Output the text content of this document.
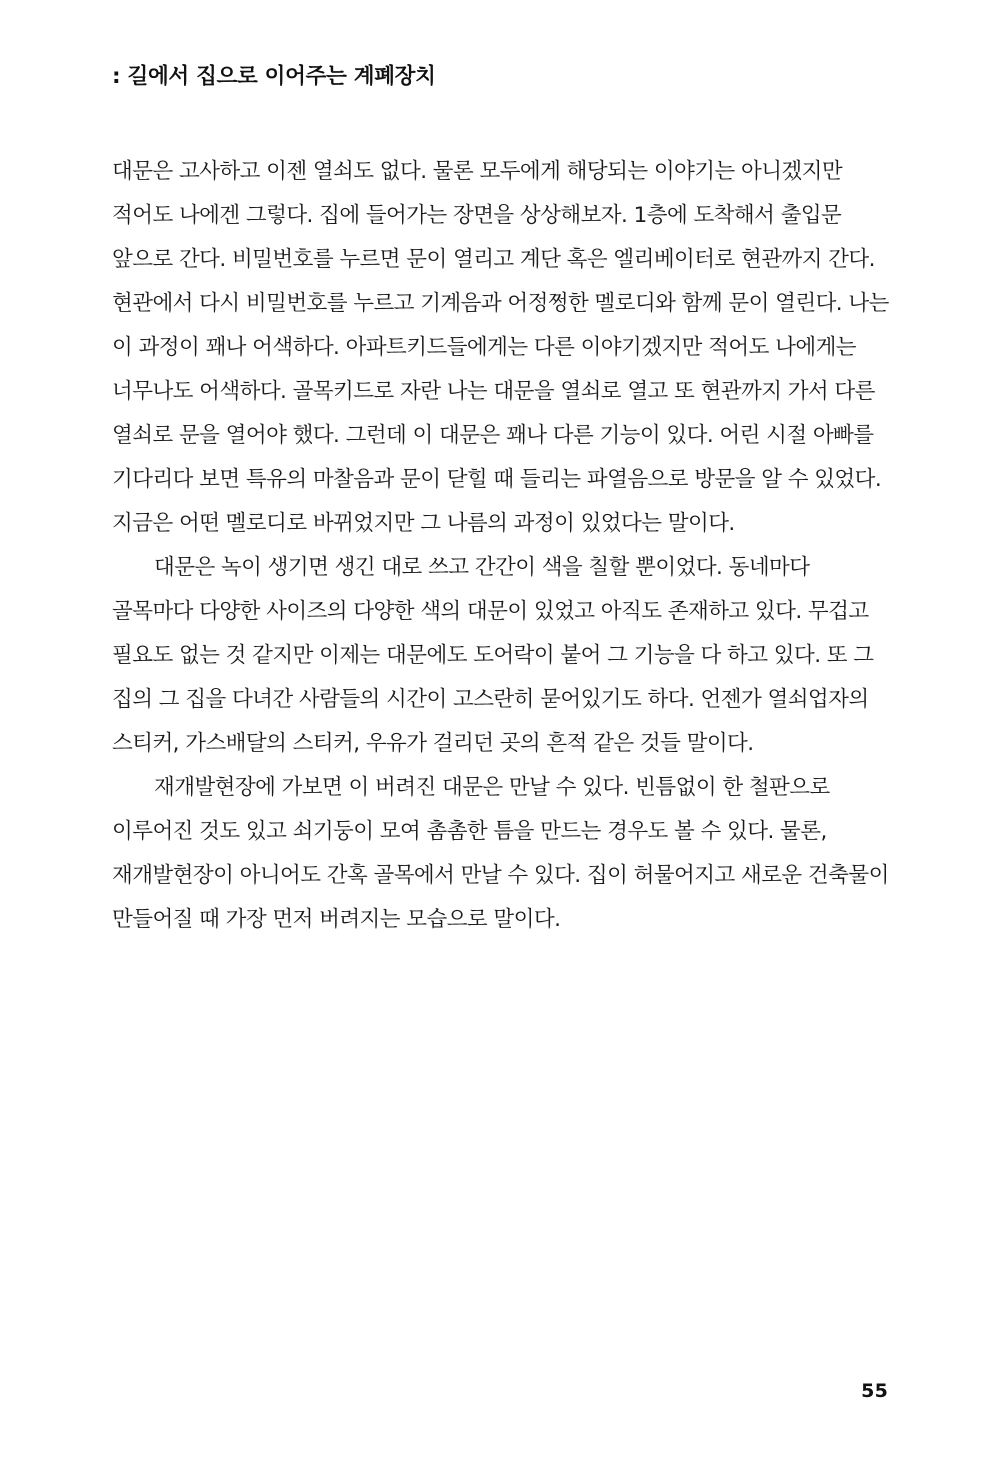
: 길에서 집으로 이어주는 계폐장치

대문은 고사하고 이젠 열쇠도 없다. 물론 모두에게 해당되는 이야기는 아니겠지만 적어도 나에겐 그렇다. 집에 들어가는 장면을 상상해보자. 1층에 도착해서 출입문 앞으로 간다. 비밀번호를 누르면 문이 열리고 계단 혹은 엘리베이터로 현관까지 간다. 현관에서 다시 비밀번호를 누르고 기계음과 어정쩡한 멜로디와 함께 문이 열린다. 나는 이 과정이 꽤나 어색하다. 아파트키드들에게는 다른 이야기겠지만 적어도 나에게는 너무나도 어색하다. 골목키드로 자란 나는 대문을 열쇠로 열고 또 현관까지 가서 다른 열쇠로 문을 열어야 했다. 그런데 이 대문은 꽤나 다른 기능이 있다. 어린 시절 아빠를 기다리다 보면 특유의 마찰음과 문이 닫힐 때 들리는 파열음으로 방문을 알 수 있었다. 지금은 어떤 멜로디로 바뀌었지만 그 나름의 과정이 있었다는 말이다.

대문은 녹이 생기면 생긴 대로 쓰고 간간이 색을 칠할 뿐이었다. 동네마다 골목마다 다양한 사이즈의 다양한 색의 대문이 있었고 아직도 존재하고 있다. 무겁고 필요도 없는 것 같지만 이제는 대문에도 도어락이 붙어 그 기능을 다 하고 있다. 또 그 집의 그 집을 다녀간 사람들의 시간이 고스란히 묻어있기도 하다. 언젠가 열쇠업자의 스티커, 가스배달의 스티커, 우유가 걸리던 곳의 흔적 같은 것들 말이다.

재개발현장에 가보면 이 버려진 대문은 만날 수 있다. 빈틈없이 한 철판으로 이루어진 것도 있고 쇠기둥이 모여 촘촘한 틈을 만드는 경우도 볼 수 있다. 물론, 재개발현장이 아니어도 간혹 골목에서 만날 수 있다. 집이 허물어지고 새로운 건축물이 만들어질 때 가장 먼저 버려지는 모습으로 말이다.

55
